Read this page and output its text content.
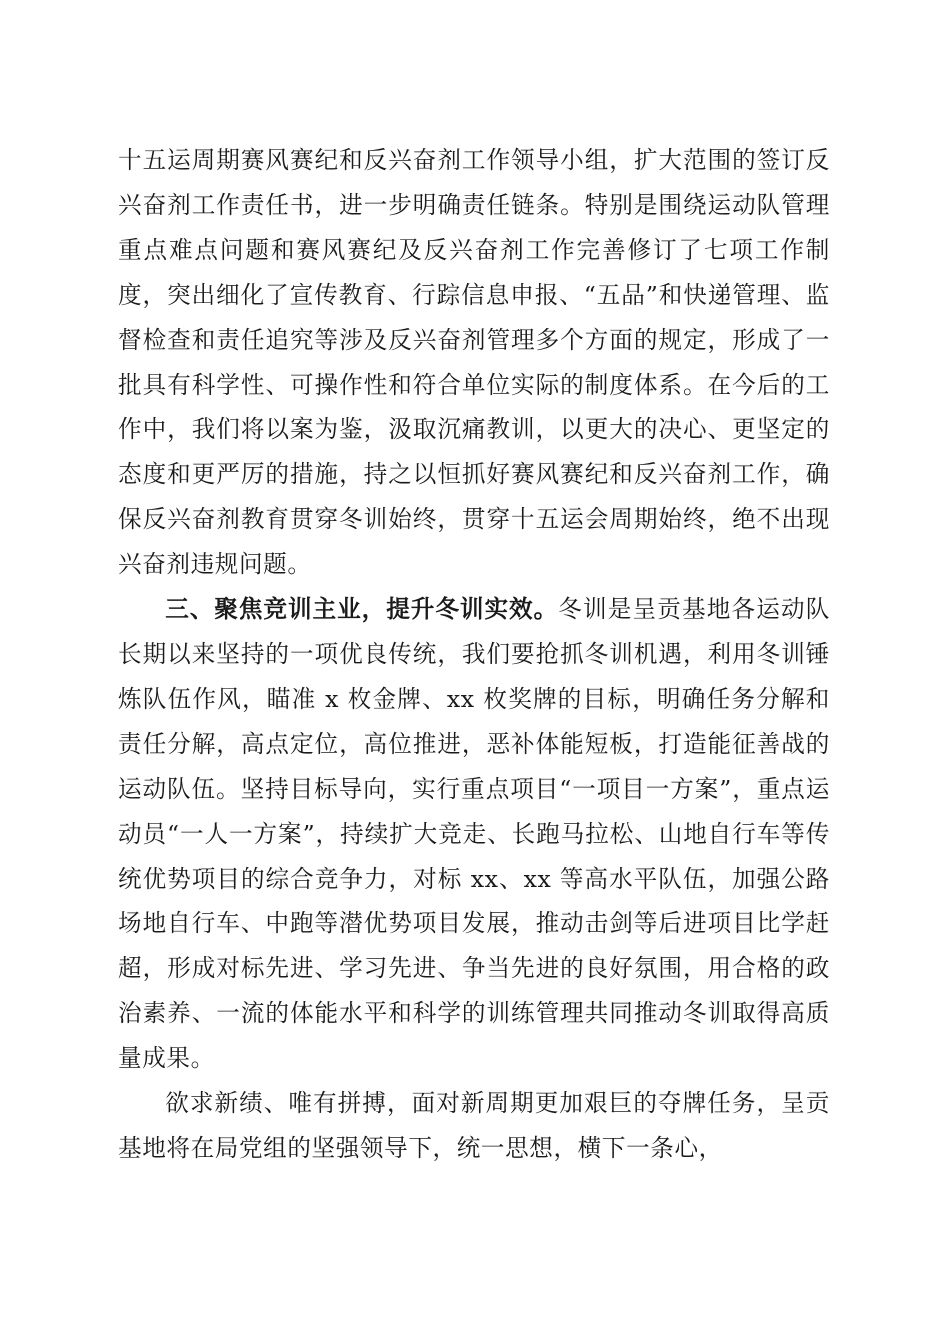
十五运周期赛风赛纪和反兴奋剂工作领导小组，扩大范围的签订反兴奋剂工作责任书，进一步明确责任链条。特别是围绕运动队管理重点难点问题和赛风赛纪及反兴奋剂工作完善修订了七项工作制度，突出细化了宣传教育、行踪信息申报、“五品”和快递管理、监督检查和责任追究等涉及反兴奋剂管理多个方面的规定，形成了一批具有科学性、可操作性和符合单位实际的制度体系。在今后的工作中，我们将以案为鉴，汲取沉痛教训，以更大的决心、更坚定的态度和更严厉的措施，持之以恒抓好赛风赛纪和反兴奋剂工作，确保反兴奋剂教育贯穿冬训始终，贯穿十五运会周期始终，绝不出现兴奋剂违规问题。

三、聚焦竞训主业，提升冬训实效。冬训是呈贡基地各运动队长期以来坚持的一项优良传统，我们要抢抓冬训机遇，利用冬训锤炼队伍作风，瞄准 x 枚金牌、xx 枚奖牌的目标，明确任务分解和责任分解，高点定位，高位推进，恶补体能短板，打造能征善战的运动队伍。坚持目标导向，实行重点项目“一项目一方案”，重点运动员“一人一方案”，持续扩大竞走、长跑马拉松、山地自行车等传统优势项目的综合竞争力，对标 xx、xx 等高水平队伍，加强公路场地自行车、中跑等潜优势项目发展，推动击剑等后进项目比学赶超，形成对标先进、学习先进、争当先进的良好氛围，用合格的政治素养、一流的体能水平和科学的训练管理共同推动冬训取得高质量成果。

欲求新绩、唯有拼搏，面对新周期更加艰巨的夺牌任务，呈贡基地将在局党组的坚强领导下，统一思想，横下一条心，
